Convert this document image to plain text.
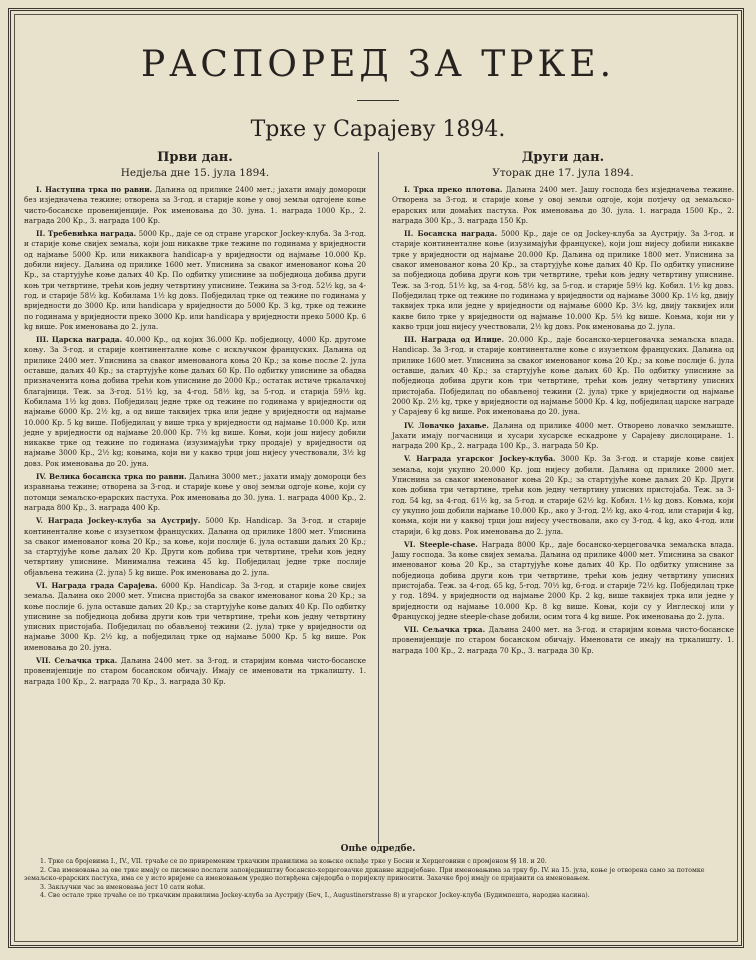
РАСПОРЕД ЗА ТРКЕ.
Трке у Сарајеву 1894.

Први дан.

Недјеља дне 15. јула 1894.

I. Наступна трка по равни. Даљина од прилике 2400 мет.; јахати имају домороци без изједначења тежине; отворена за 3-год. и старије коње у овој земљи одгојене коње чисто-босанске провенијенције. Рок именовања до 30. јуна. 1. награда 1000 Кр., 2. награда 200 Кр., 3. награда 100 Кр.

II. Требевићка награда. 5000 Кр., даје се од стране угарског Jockey-клуба. За 3-год. и старије коње свијех земаља, који још никакве трке тежине по годинама у вриједности од најмање 5000 Кр. или никаквога handicap-a у вриједности од најмање 10.000 Кр. добили нијесу. Даљина од прилике 1600 мет. Уписнина за сваког именованог коња 20 Кр., за стартујуће коње даљих 40 Кр. По одбитку уписнине за побједиоца добива други коњ три четвртине, трећи коњ једну четвртину уписнине. Тежина за 3-год. 52½ kg, за 4-год. и старије 58½ kg. Кобилама 1½ kg довз. Побједилац трке од тежине по годинама у вриједности до 3000 Кр. или handicapa у вриједности до 5000 Кр. 3 kg, трке од тежине по годинама у вриједности преко 3000 Кр. или handicapa у вриједности преко 5000 Кр. 6 kg више. Рок именовања до 2. јула.

III. Царска награда. 40.000 Кр., од којих 36.000 Кр. побједиоцу, 4000 Кр. другоме коњу. За 3-год. и старије континенталне коње с искључком француских. Даљина од прилике 2400 мет. Уписнина за сваког именованога коња 20 Кр.; за коње посље 2. јула оставше, даљих 40 Кр.; за стартујуће коње даљих 60 Кр. По одбитку уписнине за обадва призначенита коња добива трећи коњ уписнине до 2000 Кр.; остатак истиче тркалачкој благајници. Теж. за 3-год. 51½ kg, за 4-год. 58½ kg, за 5-год. и старија 59½ kg. Кобилама 1½ kg довз. Побједилац једне трке од тежине по годинама у вриједности од најмање 6000 Кр. 2½ kg, а од више таквијех трка или једне у вриједности од најмање 10.000 Кр. 5 kg више. Побједилац у више трка у вриједности од најмање 10.000 Кр. или једне у вриједности од најмање 20.000 Кр. 7½ kg више. Коњи, који још нијесу добили никакве трке од тежине по годинама (изузимајући трку продаје) у вриједности од најмање 3000 Кр., 2½ kg; коњима, који ни у какво трци још нијесу учествовали, 3½ kg довз. Рок именовања до 20. јуна.

IV. Велика босанска трка по равни. Даљина 3000 мет.; јахати имају домороци без изравнања тежине; отворена за 3-год. и старије коње у овој земљи одгоје коње, који су потомци земаљско-ерарских пастуха. Рок именовања до 30. јуна. 1. награда 4000 Кр., 2. награда 800 Кр., 3. награда 400 Кр.

V. Награда Jockey-клуба за Аустрију. 5000 Кр. Handicap. За 3-год. и старије континенталне коње с изузетком француских. Даљина од прилике 1800 мет. Уписнина за сваког именованог коња 20 Кр.; за коње, који послије 6. јула оставши даљих 20 Кр.; за стартујуће коње даљих 20 Кр. Други коњ добива три четвртине, трећи коњ једну четвртину уписнине. Минимална тежина 45 kg. Побједилац једне трке послије објављена тежина (2. јула) 5 kg више. Рок именовања до 2. јула.

VI. Награда града Сарајева. 6000 Кр. Handicap. За 3-год. и старије коње свијех земаља. Даљина око 2000 мет. Уписна пристојба за сваког именованог коња 20 Кр.; за коње послије 6. јула оставше даљих 20 Кр.; за стартујуће коње даљих 40 Кр. По одбитку уписнине за побједиоца добива други коњ три четвртине, трећи коњ једну четвртину уписних пристојаба. Побједилац по обављеној тежини (2. јула) трке у вриједности од најмање 3000 Кр. 2½ kg, а побједилац трке од најмање 5000 Кр. 5 kg више. Рок именовања до 20. јуна.

VII. Сељачка трка. Даљина 2400 мет. за 3-год. и старијим коњма чисто-босанске провенијенције по старом босанском обичају. Имају се именовати на тркалишту. 1. награда 100 Кр., 2. награда 70 Кр., 3. награда 30 Кр.

Други дан.

Уторак дне 17. јула 1894.

I. Трка преко плотова. Даљина 2400 мет. Јашу господа без изједначења тежине. Отворена за 3-год. и старије коње у овој земљи одгоје, који потјечу од земаљско-ерарских или домаћих пастуха. Рок именовања до 30. јула. 1. награда 1500 Кр., 2. награда 300 Кр., 3. награда 150 Кр.

II. Босанска награда. 5000 Кр., даје се од Jockey-клуба за Аустрију. За 3-год. и старије континенталне коње (изузимајући француске), који још нијесу добили никакве трке у вриједности од најмање 20.000 Кр. Даљина од прилике 1800 мет. Уписнина за сваког именованог коња 20 Кр., за стартујуће коње даљих 40 Кр. По одбитку уписнине за побједиоца добива други коњ три четвртине, трећи коњ једну четвртину уписнине. Теж. за 3-год. 51½ kg, за 4-год. 58½ kg, за 5-год. и старије 59½ kg. Кобил. 1½ kg довз. Побједилац трке од тежине по годинама у вриједности од најмање 3000 Кр. 1½ kg, двију таквијех трка или једне у вриједности од најмање 6000 Кр. 3½ kg, двију таквијех или какве било трке у вриједности од најмање 10.000 Кр. 5½ kg више. Коњма, који ни у какво трци још нијесу учествовали, 2½ kg довз. Рок именовања до 2. јула.

III. Награда од Илиџе. 20.000 Кр., даје босанско-херцеговачка земаљска влада. Handicap. За 3-год. и старије континенталне коње с изузетком француских. Даљина од прилике 1600 мет. Уписнина за сваког именованог коња 20 Кр.; за коње послије 6. јула оставше, даљих 40 Кр.; за стартујуће коње даљих 60 Кр. По одбитку уписнине за побједиоца добива други коњ три четвртине, трећи коњ једну четвртину уписних пристојаба. Побједилац по обављеној тежини (2. јула) трке у вриједности од најмање 2000 Кр. 2½ kg, трке у вриједности од најмање 5000 Кр. 4 kg, побједилац царске награде у Сарајеву 6 kg више. Рок именовања до 20. јуна.

IV. Ловачко јахање. Даљина од прилике 4000 мет. Отворено ловачко земљиште. Јахати имају погчасници и хусари хусарске ескадроне у Сарајеву дислоциране. 1. награда 200 Кр., 2. награда 100 Кр., 3. награда 50 Кр.

V. Награда угарског Jockey-клуба. 3000 Кр. За 3-год. и старије коње свијех земаља, који укупно 20.000 Кр. још нијесу добили. Даљина од прилике 2000 мет. Уписнина за сваког именованог коња 20 Кр.; за стартујуће коње даљих 20 Кр. Други коњ добива три четвртине, трећи коњ једну четвртину уписних пристојаба. Теж. за 3-год. 54 kg, за 4-год. 61½ kg, за 5-год. и старије 62½ kg. Кобил. 1½ kg довз. Коњма, који су укупно још добили најмање 10.000 Кр., ако у 3-год. 2½ kg, ако 4-год. или старији 4 kg, коњма, који ни у каквој трци још нијесу учествовали, ако су 3-год. 4 kg, ако 4-год. или старији, 6 kg довз. Рок именовања до 2. јула.

VI. Steeple-chase. Награда 8000 Кр., даје босанско-херцеговачка земаљска влада. Јашу господа. За коње свијех земаља. Даљина од прилике 4000 мет. Уписнина за сваког именованог коња 20 Кр., за стартујуће коње даљих 40 Кр. По одбитку уписнине за побједиоца добива други коњ три четвртине, трећи коњ једну четвртину уписних пристојаба. Теж. за 4-год. 65 kg, 5-год. 70½ kg, 6-год. и старије 72½ kg. Побједилац трке у год. 1894. у вриједности од најмање 2000 Кр. 2 kg, више таквијех трка или једне у вриједности од најмање 10.000 Кр. 8 kg више. Коњи, који су у Инглеској или у Француској једне steeple-chase добили, осим тога 4 kg више. Рок именовања до 2. јула.

VII. Сељачка трка. Даљина 2400 мет. на 3-год. и старијим коњма чисто-босанске провенијенције по старом босанском обичају. Именовати се имају на тркалишту. 1. награда 100 Кр., 2. награда 70 Кр., 3. награда 30 Кр.

Опће одредбе.

1. Трке са бројевима I., IV., VII. трчаће се по привременим тркачким правилима за коњске оклађе трке у Босни и Херцеговини с промјеном §§ 18. и 20.

2. Сва именовања за ове трке имају се писмено послати заповједништву босанско-херцеговачке државне ждријебане. При именовањима за трку бр. IV. на 15. јула, коње је отворена само за потомке земаљско-ерарских пастуха, има се у исто вријеме са именовањем уредно потврђена свједоџба о поријеклу приносити. Захачке број имају се пријавити са именовањем.

3. Закључни час за именовања јест 10 сати ноћи.

4. Све остале трке трчаће се по тркачким правилима Jockey-клуба за Аустрију (Беч, I., Augustinerstrasse 8) и угарског Jockey-клуба (Будимпешта, народна касина).
